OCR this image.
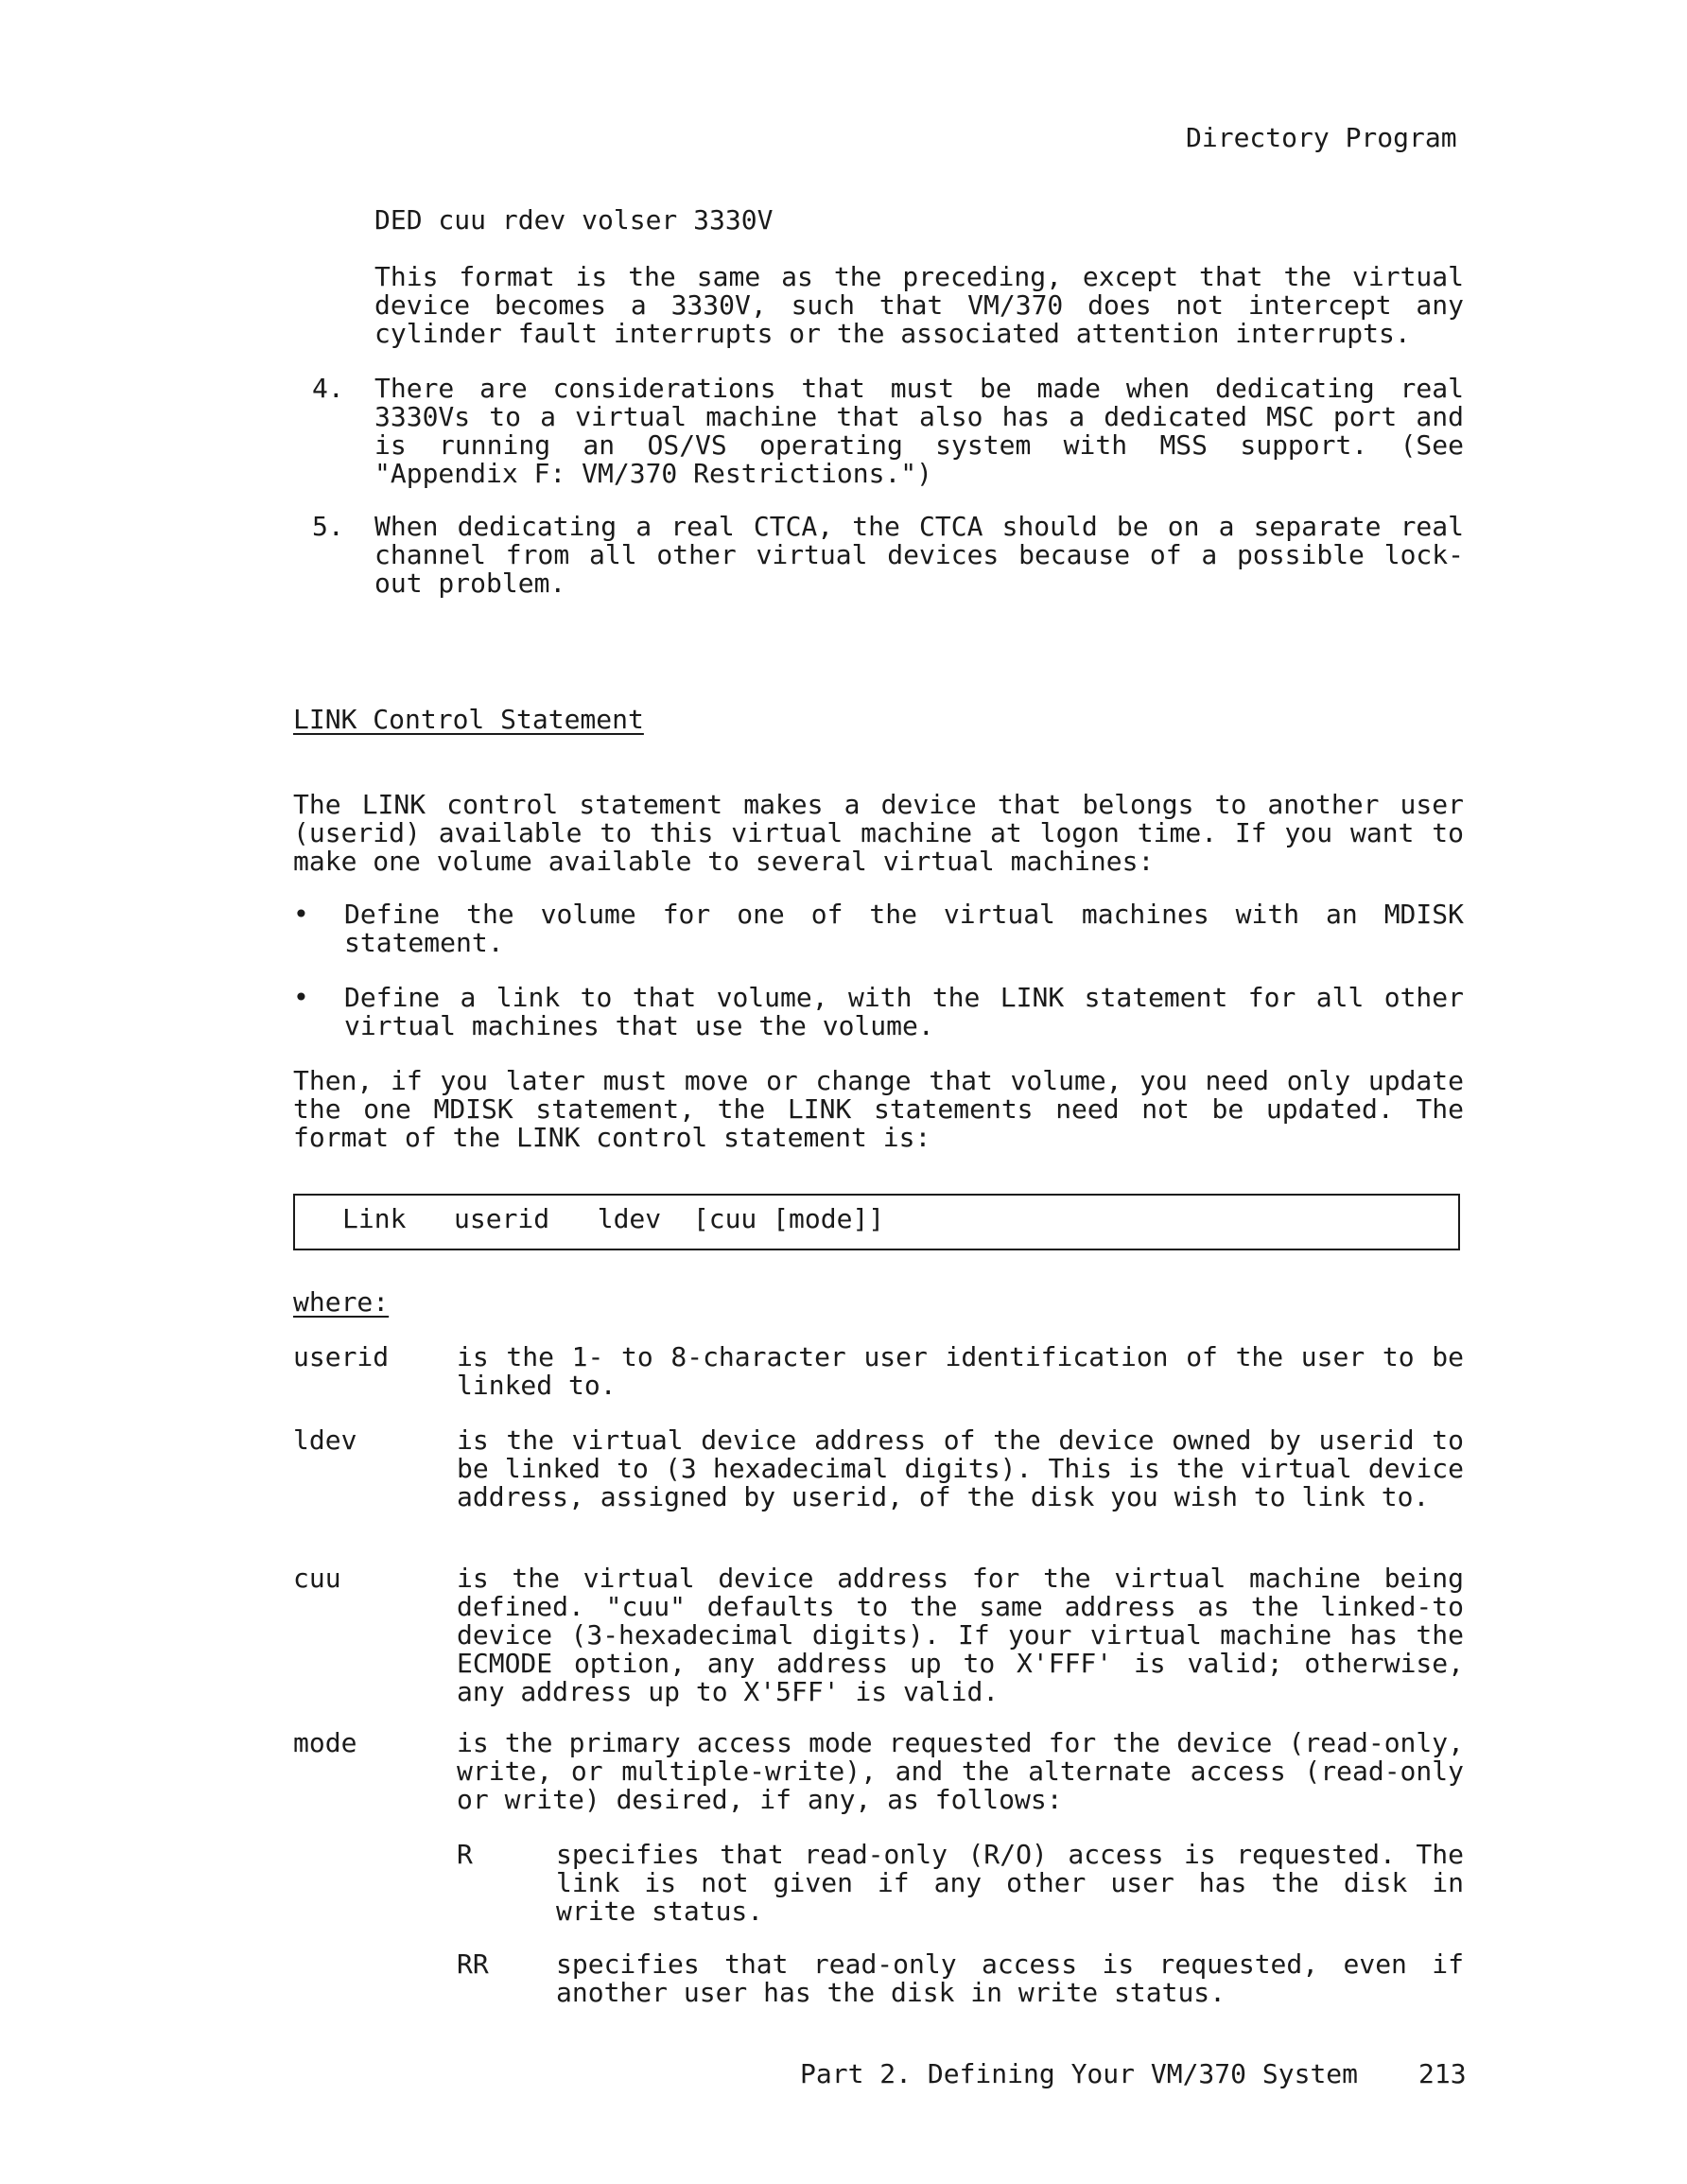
Directory Program
DED cuu rdev volser 3330V
This format is the same as the preceding, except that the virtual device becomes a 3330V, such that VM/370 does not intercept any cylinder fault interrupts or the associated attention interrupts.
4. There are considerations that must be made when dedicating real 3330Vs to a virtual machine that also has a dedicated MSC port and is running an OS/VS operating system with MSS support. (See "Appendix F: VM/370 Restrictions.")
5. When dedicating a real CTCA, the CTCA should be on a separate real channel from all other virtual devices because of a possible lock-out problem.
LINK Control Statement
The LINK control statement makes a device that belongs to another user (userid) available to this virtual machine at logon time. If you want to make one volume available to several virtual machines:
• Define the volume for one of the virtual machines with an MDISK statement.
• Define a link to that volume, with the LINK statement for all other virtual machines that use the volume.
Then, if you later must move or change that volume, you need only update the one MDISK statement, the LINK statements need not be updated. The format of the LINK control statement is:
Link   userid   ldev  [cuu [mode]]
where:
userid	is the 1- to 8-character user identification of the user to be linked to.
ldev	is the virtual device address of the device owned by userid to be linked to (3 hexadecimal digits). This is the virtual device address, assigned by userid, of the disk you wish to link to.
cuu	is the virtual device address for the virtual machine being defined. "cuu" defaults to the same address as the linked-to device (3-hexadecimal digits). If your virtual machine has the ECMODE option, any address up to X'FFF' is valid; otherwise, any address up to X'5FF' is valid.
mode	is the primary access mode requested for the device (read-only, write, or multiple-write), and the alternate access (read-only or write) desired, if any, as follows:
R	specifies that read-only (R/O) access is requested. The link is not given if any other user has the disk in write status.
RR	specifies that read-only access is requested, even if another user has the disk in write status.
Part 2. Defining Your VM/370 System 213
